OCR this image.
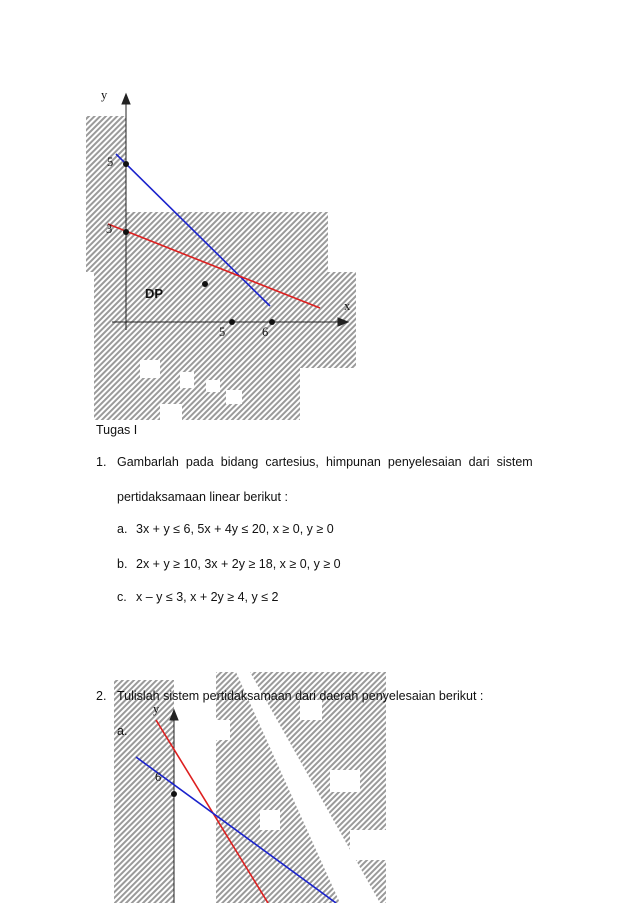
y
x
5
3
5	6
DP
Tugas I
1. Gambarlah pada bidang cartesius, himpunan penyelesaian dari sistem
pertidaksamaan linear berikut :
a. 3x + y ≤ 6, 5x + 4y ≤ 20, x ≥ 0, y ≥ 0
b. 2x + y ≥ 10, 3x + 2y ≥ 18, x ≥ 0, y ≥ 0
c. x – y ≤ 3, x + 2y ≥ 4, y ≤ 2
y
6
2. Tulislah sistem pertidaksamaan dari daerah penyelesaian berikut :
a.
